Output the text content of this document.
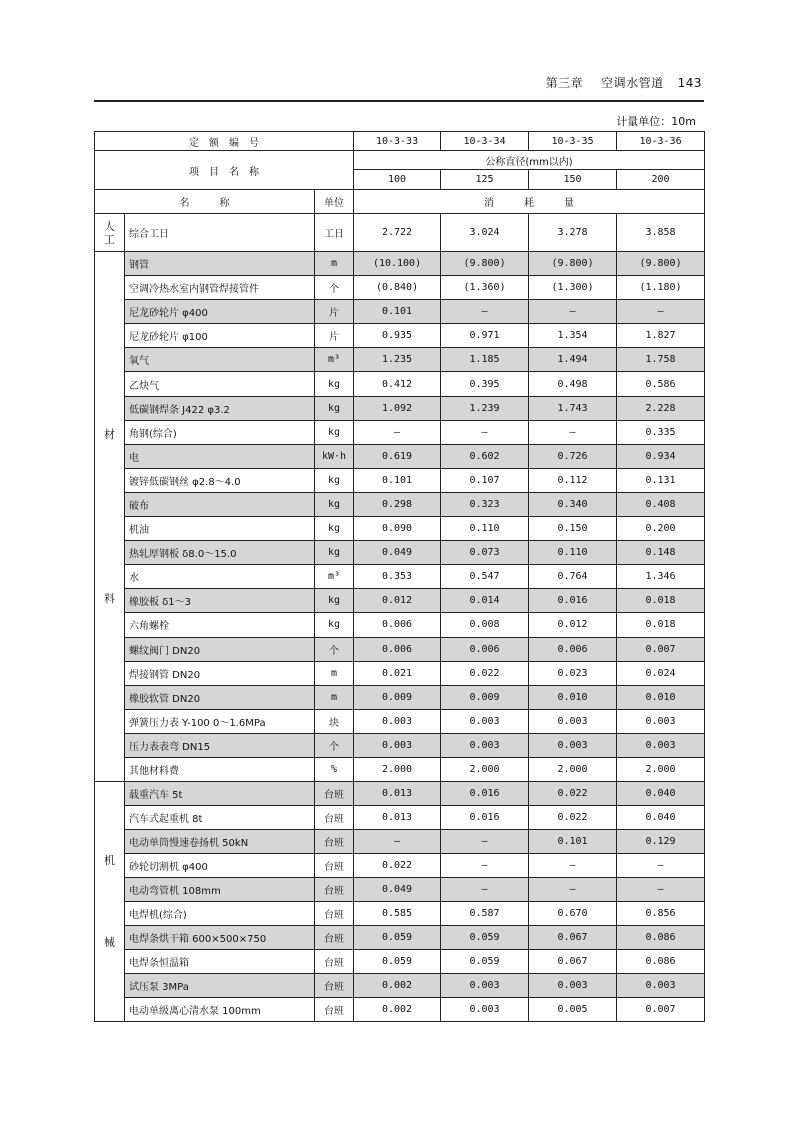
第三章 空调水管道 143
计量单位：10m
定　额　编　号			10-3-33	10-3-34	10-3-35	10-3-36
项　目　名　称			公称直径(mm以内)			
			100	125	150	200
名　　　称		单位	消　　　耗　　　量			

人工	综合工日	工日	2.722	3.024	3.278	3.858

材
料	钢管	m	(10.100)	(9.800)	(9.800)	(9.800)
	空调冷热水室内钢管焊接管件	个	(0.840)	(1.360)	(1.300)	(1.180)
	尼龙砂轮片 φ400	片	0.101	—	—	—
	尼龙砂轮片 φ100	片	0.935	0.971	1.354	1.827
	氧气	m³	1.235	1.185	1.494	1.758
	乙炔气	kg	0.412	0.395	0.498	0.586
	低碳钢焊条 J422 φ3.2	kg	1.092	1.239	1.743	2.228
	角钢(综合)	kg	—	—	—	0.335
	电	kW·h	0.619	0.602	0.726	0.934
	镀锌低碳钢丝 φ2.8～4.0	kg	0.101	0.107	0.112	0.131
	破布	kg	0.298	0.323	0.340	0.408
	机油	kg	0.090	0.110	0.150	0.200
	热轧厚钢板 δ8.0～15.0	kg	0.049	0.073	0.110	0.148
	水	m³	0.353	0.547	0.764	1.346
	橡胶板 δ1～3	kg	0.012	0.014	0.016	0.018
	六角螺栓	kg	0.006	0.008	0.012	0.018
	螺纹阀门 DN20	个	0.006	0.006	0.006	0.007
	焊接钢管 DN20	m	0.021	0.022	0.023	0.024
	橡胶软管 DN20	m	0.009	0.009	0.010	0.010
	弹簧压力表 Y-100 0～1.6MPa	块	0.003	0.003	0.003	0.003
	压力表表弯 DN15	个	0.003	0.003	0.003	0.003
	其他材料费	%	2.000	2.000	2.000	2.000

机
械	载重汽车 5t	台班	0.013	0.016	0.022	0.040
	汽车式起重机 8t	台班	0.013	0.016	0.022	0.040
	电动单筒慢速卷扬机 50kN	台班	—	—	0.101	0.129
	砂轮切割机 φ400	台班	0.022	—	—	—
	电动弯管机 108mm	台班	0.049	—	—	—
	电焊机(综合)	台班	0.585	0.587	0.670	0.856
	电焊条烘干箱 600×500×750	台班	0.059	0.059	0.067	0.086
	电焊条恒温箱	台班	0.059	0.059	0.067	0.086
	试压泵 3MPa	台班	0.002	0.003	0.003	0.003
	电动单级离心清水泵 100mm	台班	0.002	0.003	0.005	0.007
